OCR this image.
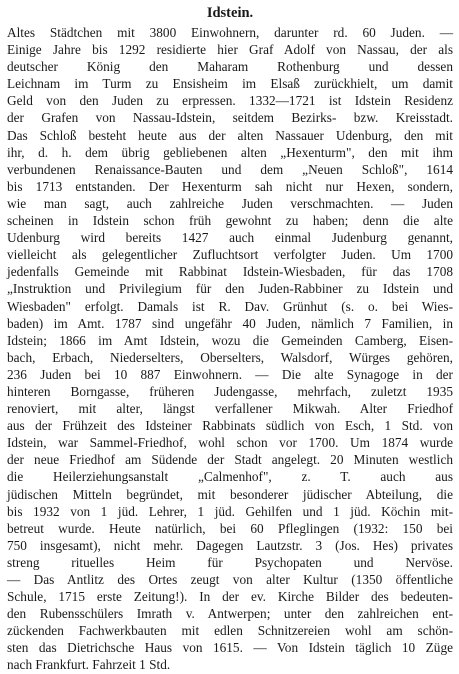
Idstein.
Altes Städtchen mit 3800 Einwohnern, darunter rd. 60 Juden. —
Einige Jahre bis 1292 residierte hier Graf Adolf von Nassau, der als
deutscher König den Maharam Rothenburg und dessen
Leichnam im Turm zu Ensisheim im Elsaß zurückhielt, um damit
Geld von den Juden zu erpressen. 1332—1721 ist Idstein Residenz
der Grafen von Nassau-Idstein, seitdem Bezirks- bzw. Kreisstadt.
Das Schloß besteht heute aus der alten Nassauer Udenburg, den mit
ihr, d. h. dem übrig gebliebenen alten „Hexenturm", den mit ihm
verbundenen Renaissance-Bauten und dem „Neuen Schloß", 1614
bis 1713 entstanden. Der Hexenturm sah nicht nur Hexen, sondern,
wie man sagt, auch zahlreiche Juden verschmachten. — Juden
scheinen in Idstein schon früh gewohnt zu haben; denn die alte
Udenburg wird bereits 1427 auch einmal Judenburg genannt,
vielleicht als gelegentlicher Zufluchtsort verfolgter Juden. Um 1700
jedenfalls Gemeinde mit Rabbinat Idstein-Wiesbaden, für das 1708
„Instruktion und Privilegium für den Juden-Rabbiner zu Idstein und
Wiesbaden" erfolgt. Damals ist R. Dav. Grünhut (s. o. bei Wies-
baden) im Amt. 1787 sind ungefähr 40 Juden, nämlich 7 Familien, in
Idstein; 1866 im Amt Idstein, wozu die Gemeinden Camberg, Eisen-
bach, Erbach, Niederselters, Oberselters, Walsdorf, Würges gehören,
236 Juden bei 10 887 Einwohnern. — Die alte Synagoge in der
hinteren Borngasse, früheren Judengasse, mehrfach, zuletzt 1935
renoviert, mit alter, längst verfallener Mikwah. Alter Friedhof
aus der Frühzeit des Idsteiner Rabbinats südlich von Esch, 1 Std. von
Idstein, war Sammel-Friedhof, wohl schon vor 1700. Um 1874 wurde
der neue Friedhof am Südende der Stadt angelegt. 20 Minuten westlich
die Heilerziehungsanstalt „Calmenhof", z. T. auch aus
jüdischen Mitteln begründet, mit besonderer jüdischer Abteilung, die
bis 1932 von 1 jüd. Lehrer, 1 jüd. Gehilfen und 1 jüd. Köchin mit-
betreut wurde. Heute natürlich, bei 60 Pfleglingen (1932: 150 bei
750 insgesamt), nicht mehr. Dagegen Lautzstr. 3 (Jos. Hes) privates
streng rituelles Heim für Psychopaten und Nervöse.
— Das Antlitz des Ortes zeugt von alter Kultur (1350 öffentliche
Schule, 1715 erste Zeitung!). In der ev. Kirche Bilder des bedeuten-
den Rubensschülers Imrath v. Antwerpen; unter den zahlreichen ent-
zückenden Fachwerkbauten mit edlen Schnitzereien wohl am schön-
sten das Dietrichsche Haus von 1615. — Von Idstein täglich 10 Züge
nach Frankfurt. Fahrzeit 1 Std.
